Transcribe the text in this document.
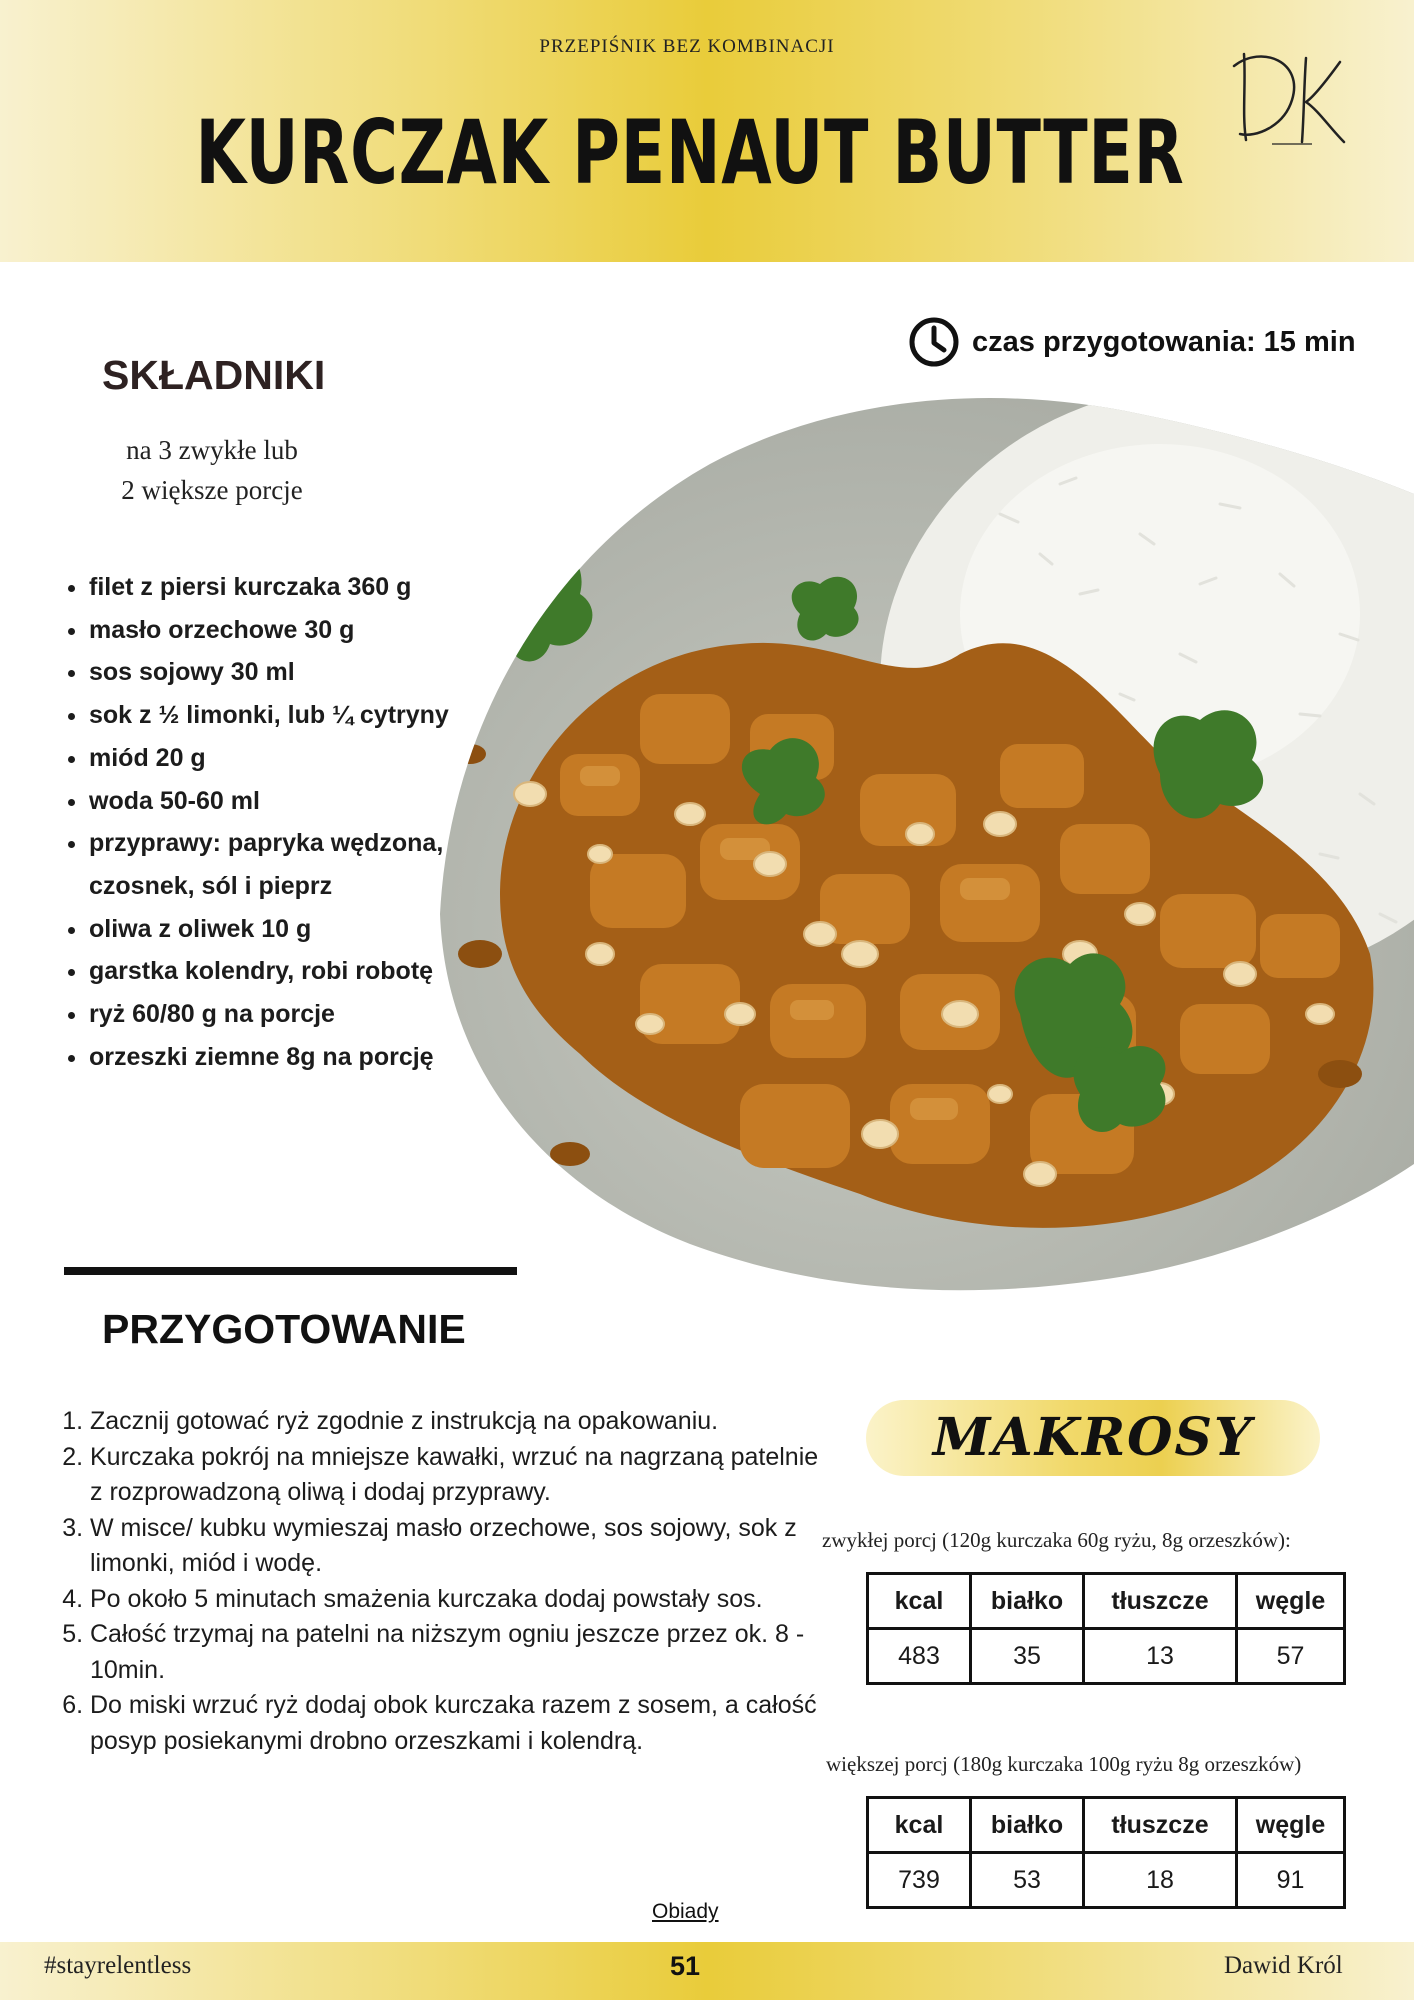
PRZEPIŚNIK BEZ KOMBINACJI
KURCZAK PENAUT BUTTER
czas przygotowania: 15 min
SKŁADNIKI
na 3 zwykłe lub
2 większe porcje
• filet z piersi kurczaka 360 g
• masło orzechowe 30 g
• sos sojowy 30 ml
• sok z ½ limonki, lub ¼ cytryny
• miód 20 g
• woda 50-60 ml
• przyprawy: papryka wędzona, czosnek, sól i pieprz
• oliwa z oliwek 10 g
• garstka kolendry, robi robotę
• ryż 60/80 g na porcje
• orzeszki ziemne 8g na porcję
PRZYGOTOWANIE
1. Zacznij gotować ryż zgodnie z instrukcją na opakowaniu.
2. Kurczaka pokrój na mniejsze kawałki, wrzuć na nagrzaną patelnie z rozprowadzoną oliwą i dodaj przyprawy.
3. W misce/ kubku wymieszaj masło orzechowe, sos sojowy, sok z limonki, miód i wodę.
4. Po około 5 minutach smażenia kurczaka dodaj powstały sos.
5. Całość trzymaj na patelni na niższym ogniu jeszcze przez ok. 8 - 10min.
6. Do miski wrzuć ryż dodaj obok kurczaka razem z sosem, a całość posyp posiekanymi drobno orzeszkami i kolendrą.
MAKROSY
zwykłej porcj (120g kurczaka 60g ryżu, 8g orzeszków):
kcal	białko	tłuszcze	węgle
483	35	13	57
większej porcj (180g kurczaka 100g ryżu 8g orzeszków)
kcal	białko	tłuszcze	węgle
739	53	18	91
Obiady
#stayrelentless	51	Dawid Król
